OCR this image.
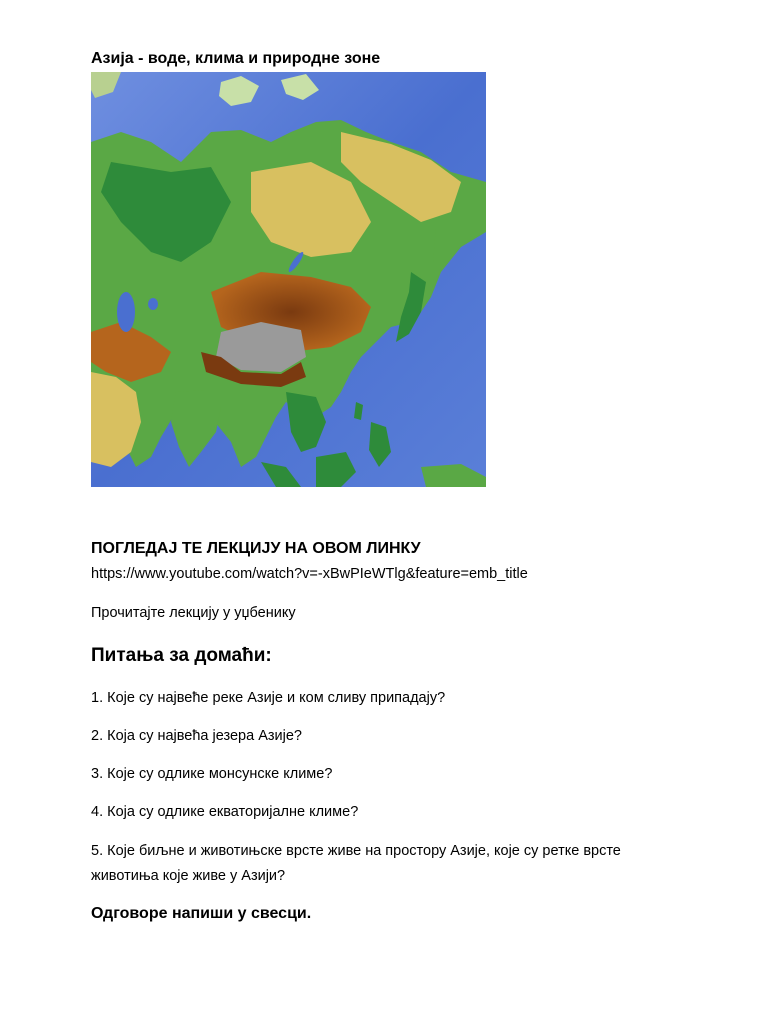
Азија - воде, клима и природне зоне
ПОГЛЕДАЈ ТЕ ЛЕКЦИЈУ НА ОВОМ ЛИНКУ
https://www.youtube.com/watch?v=-xBwPIeWTlg&feature=emb_title
Прочитајте лекцију у уџбенику
Питања за домаћи:
1. Које су највеће реке Азије и ком сливу припадају?
2. Која су највећа језера Азије?
3. Које су одлике монсунске климе?
4. Која су одлике екваторијалне климе?
5. Које биљне и животињске врсте живе на простору Азије, које су ретке врсте животиња које живе у Азији?
Одговоре напиши у свесци.
